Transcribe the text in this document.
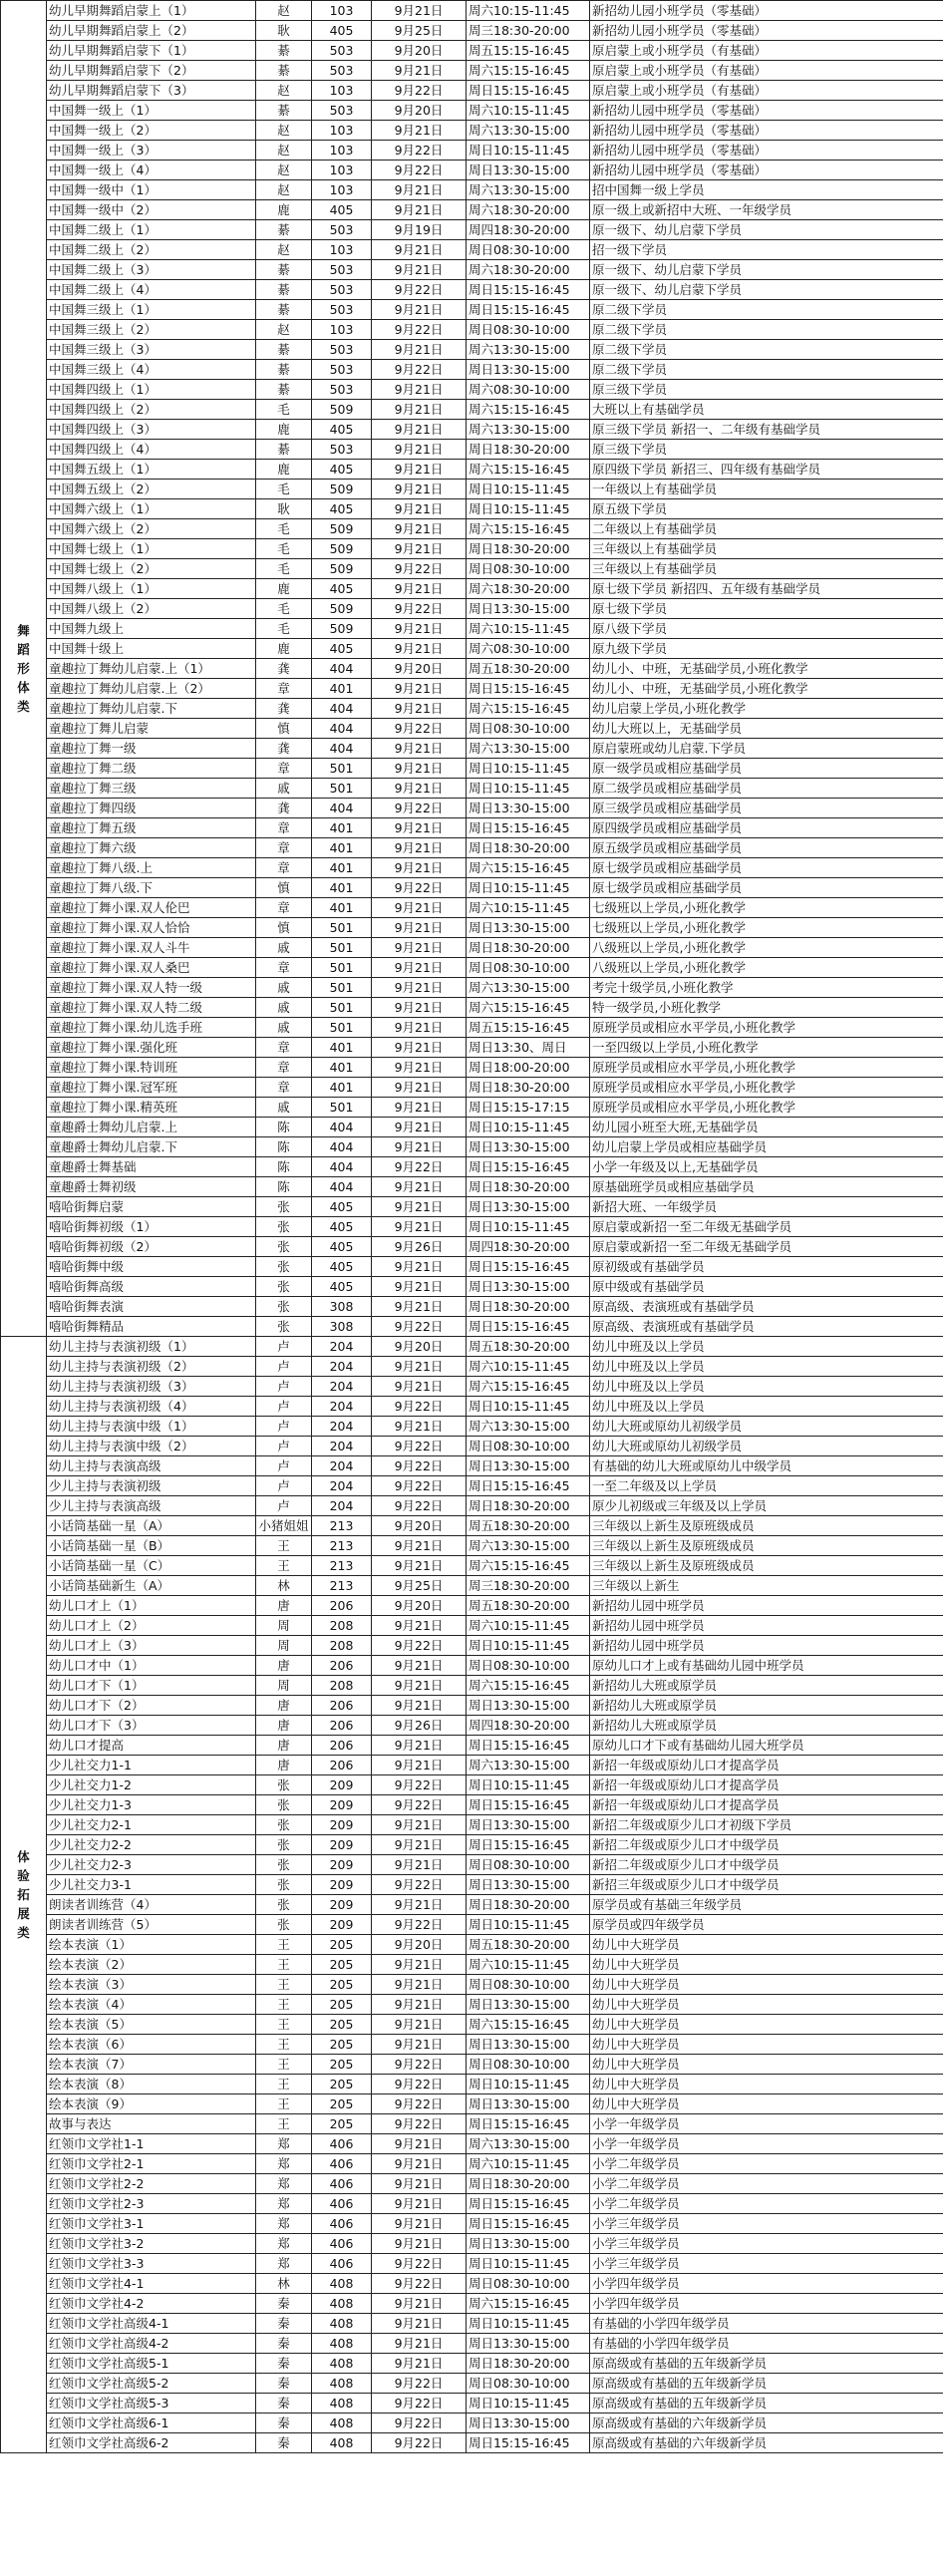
舞
蹈
形
体
类	幼儿早期舞蹈启蒙上（1）	赵	103	9月21日	周六10:15-11:45	新招幼儿园小班学员（零基础）
	幼儿早期舞蹈启蒙上（2）	耿	405	9月25日	周三18:30-20:00	新招幼儿园小班学员（零基础）
	幼儿早期舞蹈启蒙下（1）	綦	503	9月20日	周五15:15-16:45	原启蒙上或小班学员（有基础）
	幼儿早期舞蹈启蒙下（2）	綦	503	9月21日	周六15:15-16:45	原启蒙上或小班学员（有基础）
	幼儿早期舞蹈启蒙下（3）	赵	103	9月22日	周日15:15-16:45	原启蒙上或小班学员（有基础）
	中国舞一级上（1）	綦	503	9月20日	周六10:15-11:45	新招幼儿园中班学员（零基础）
	中国舞一级上（2）	赵	103	9月21日	周六13:30-15:00	新招幼儿园中班学员（零基础）
	中国舞一级上（3）	赵	103	9月22日	周日10:15-11:45	新招幼儿园中班学员（零基础）
	中国舞一级上（4）	赵	103	9月22日	周日13:30-15:00	新招幼儿园中班学员（零基础）
	中国舞一级中（1）	赵	103	9月21日	周六13:30-15:00	招中国舞一级上学员
	中国舞一级中（2）	鹿	405	9月21日	周六18:30-20:00	原一级上或新招中大班、一年级学员
	中国舞二级上（1）	綦	503	9月19日	周四18:30-20:00	原一级下、幼儿启蒙下学员
	中国舞二级上（2）	赵	103	9月21日	周日08:30-10:00	招一级下学员
	中国舞二级上（3）	綦	503	9月21日	周六18:30-20:00	原一级下、幼儿启蒙下学员
	中国舞二级上（4）	綦	503	9月22日	周日15:15-16:45	原一级下、幼儿启蒙下学员
	中国舞三级上（1）	綦	503	9月21日	周日15:15-16:45	原二级下学员
	中国舞三级上（2）	赵	103	9月22日	周日08:30-10:00	原二级下学员
	中国舞三级上（3）	綦	503	9月21日	周六13:30-15:00	原二级下学员
	中国舞三级上（4）	綦	503	9月22日	周日13:30-15:00	原二级下学员
	中国舞四级上（1）	綦	503	9月21日	周六08:30-10:00	原三级下学员
	中国舞四级上（2）	毛	509	9月21日	周六15:15-16:45	大班以上有基础学员
	中国舞四级上（3）	鹿	405	9月21日	周六13:30-15:00	原三级下学员 新招一、二年级有基础学员
	中国舞四级上（4）	綦	503	9月21日	周日18:30-20:00	原三级下学员
	中国舞五级上（1）	鹿	405	9月21日	周六15:15-16:45	原四级下学员 新招三、四年级有基础学员
	中国舞五级上（2）	毛	509	9月21日	周日10:15-11:45	一年级以上有基础学员
	中国舞六级上（1）	耿	405	9月21日	周日10:15-11:45	原五级下学员
	中国舞六级上（2）	毛	509	9月21日	周六15:15-16:45	二年级以上有基础学员
	中国舞七级上（1）	毛	509	9月21日	周日18:30-20:00	三年级以上有基础学员
	中国舞七级上（2）	毛	509	9月22日	周日08:30-10:00	三年级以上有基础学员
	中国舞八级上（1）	鹿	405	9月21日	周六18:30-20:00	原七级下学员 新招四、五年级有基础学员
	中国舞八级上（2）	毛	509	9月22日	周日13:30-15:00	原七级下学员
	中国舞九级上	毛	509	9月21日	周六10:15-11:45	原八级下学员
	中国舞十级上	鹿	405	9月21日	周六08:30-10:00	原九级下学员
	童趣拉丁舞幼儿启蒙.上（1）	龚	404	9月20日	周五18:30-20:00	幼儿小、中班，无基础学员,小班化教学
	童趣拉丁舞幼儿启蒙.上（2）	章	401	9月21日	周日15:15-16:45	幼儿小、中班，无基础学员,小班化教学
	童趣拉丁舞幼儿启蒙.下	龚	404	9月21日	周六15:15-16:45	幼儿启蒙上学员,小班化教学
	童趣拉丁舞儿启蒙	慎	404	9月22日	周日08:30-10:00	幼儿大班以上，无基础学员
	童趣拉丁舞一级	龚	404	9月21日	周六13:30-15:00	原启蒙班或幼儿启蒙.下学员
	童趣拉丁舞二级	章	501	9月21日	周日10:15-11:45	原一级学员或相应基础学员
	童趣拉丁舞三级	戚	501	9月21日	周日10:15-11:45	原二级学员或相应基础学员
	童趣拉丁舞四级	龚	404	9月22日	周日13:30-15:00	原三级学员或相应基础学员
	童趣拉丁舞五级	章	401	9月21日	周日15:15-16:45	原四级学员或相应基础学员
	童趣拉丁舞六级	章	401	9月21日	周日18:30-20:00	原五级学员或相应基础学员
	童趣拉丁舞八级.上	章	401	9月21日	周六15:15-16:45	原七级学员或相应基础学员
	童趣拉丁舞八级.下	慎	401	9月22日	周日10:15-11:45	原七级学员或相应基础学员
	童趣拉丁舞小课.双人伦巴	章	401	9月21日	周六10:15-11:45	七级班以上学员,小班化教学
	童趣拉丁舞小课.双人恰恰	慎	501	9月21日	周日13:30-15:00	七级班以上学员,小班化教学
	童趣拉丁舞小课.双人斗牛	戚	501	9月21日	周日18:30-20:00	八级班以上学员,小班化教学
	童趣拉丁舞小课.双人桑巴	章	501	9月21日	周日08:30-10:00	八级班以上学员,小班化教学
	童趣拉丁舞小课.双人特一级	戚	501	9月21日	周六13:30-15:00	考完十级学员,小班化教学
	童趣拉丁舞小课.双人特二级	戚	501	9月21日	周六15:15-16:45	特一级学员,小班化教学
	童趣拉丁舞小课.幼儿选手班	戚	501	9月21日	周五15:15-16:45	原班学员或相应水平学员,小班化教学
	童趣拉丁舞小课.强化班	章	401	9月21日	周日13:30、周日	一至四级以上学员,小班化教学
	童趣拉丁舞小课.特训班	章	401	9月21日	周日18:00-20:00	原班学员或相应水平学员,小班化教学
	童趣拉丁舞小课.冠军班	章	401	9月21日	周日18:30-20:00	原班学员或相应水平学员,小班化教学
	童趣拉丁舞小课.精英班	戚	501	9月21日	周日15:15-17:15	原班学员或相应水平学员,小班化教学
	童趣爵士舞幼儿启蒙.上	陈	404	9月21日	周日10:15-11:45	幼儿园小班至大班,无基础学员
	童趣爵士舞幼儿启蒙.下	陈	404	9月21日	周日13:30-15:00	幼儿启蒙上学员或相应基础学员
	童趣爵士舞基础	陈	404	9月22日	周日15:15-16:45	小学一年级及以上,无基础学员
	童趣爵士舞初级	陈	404	9月21日	周日18:30-20:00	原基础班学员或相应基础学员
	嘻哈街舞启蒙	张	405	9月21日	周日13:30-15:00	新招大班、一年级学员
	嘻哈街舞初级（1）	张	405	9月21日	周日10:15-11:45	原启蒙或新招一至二年级无基础学员
	嘻哈街舞初级（2）	张	405	9月26日	周四18:30-20:00	原启蒙或新招一至二年级无基础学员
	嘻哈街舞中级	张	405	9月21日	周日15:15-16:45	原初级或有基础学员
	嘻哈街舞高级	张	405	9月21日	周日13:30-15:00	原中级或有基础学员
	嘻哈街舞表演	张	308	9月21日	周日18:30-20:00	原高级、表演班或有基础学员
	嘻哈街舞精品	张	308	9月22日	周日15:15-16:45	原高级、表演班或有基础学员

体
验
拓
展
类	幼儿主持与表演初级（1）	卢	204	9月20日	周五18:30-20:00	幼儿中班及以上学员
	幼儿主持与表演初级（2）	卢	204	9月21日	周六10:15-11:45	幼儿中班及以上学员
	幼儿主持与表演初级（3）	卢	204	9月21日	周六15:15-16:45	幼儿中班及以上学员
	幼儿主持与表演初级（4）	卢	204	9月22日	周日10:15-11:45	幼儿中班及以上学员
	幼儿主持与表演中级（1）	卢	204	9月21日	周六13:30-15:00	幼儿大班或原幼儿初级学员
	幼儿主持与表演中级（2）	卢	204	9月22日	周日08:30-10:00	幼儿大班或原幼儿初级学员
	幼儿主持与表演高级	卢	204	9月22日	周日13:30-15:00	有基础的幼儿大班或原幼儿中级学员
	少儿主持与表演初级	卢	204	9月22日	周日15:15-16:45	一至二年级及以上学员
	少儿主持与表演高级	卢	204	9月22日	周日18:30-20:00	原少儿初级或三年级及以上学员
	小话筒基础一星（A）	小猪姐姐	213	9月20日	周五18:30-20:00	三年级以上新生及原班级成员
	小话筒基础一星（B）	王	213	9月21日	周六13:30-15:00	三年级以上新生及原班级成员
	小话筒基础一星（C）	王	213	9月21日	周六15:15-16:45	三年级以上新生及原班级成员
	小话筒基础新生（A）	林	213	9月25日	周三18:30-20:00	三年级以上新生
	幼儿口才上（1）	唐	206	9月20日	周五18:30-20:00	新招幼儿园中班学员
	幼儿口才上（2）	周	208	9月21日	周六10:15-11:45	新招幼儿园中班学员
	幼儿口才上（3）	周	208	9月22日	周日10:15-11:45	新招幼儿园中班学员
	幼儿口才中（1）	唐	206	9月21日	周日08:30-10:00	原幼儿口才上或有基础幼儿园中班学员
	幼儿口才下（1）	周	208	9月21日	周六15:15-16:45	新招幼儿大班或原学员
	幼儿口才下（2）	唐	206	9月21日	周日13:30-15:00	新招幼儿大班或原学员
	幼儿口才下（3）	唐	206	9月26日	周四18:30-20:00	新招幼儿大班或原学员
	幼儿口才提高	唐	206	9月21日	周日15:15-16:45	原幼儿口才下或有基础幼儿园大班学员
	少儿社交力1-1	唐	206	9月21日	周六13:30-15:00	新招一年级或原幼儿口才提高学员
	少儿社交力1-2	张	209	9月22日	周日10:15-11:45	新招一年级或原幼儿口才提高学员
	少儿社交力1-3	张	209	9月22日	周日15:15-16:45	新招一年级或原幼儿口才提高学员
	少儿社交力2-1	张	209	9月21日	周日13:30-15:00	新招二年级或原少儿口才初级下学员
	少儿社交力2-2	张	209	9月21日	周日15:15-16:45	新招二年级或原少儿口才中级学员
	少儿社交力2-3	张	209	9月21日	周日08:30-10:00	新招二年级或原少儿口才中级学员
	少儿社交力3-1	张	209	9月22日	周日13:30-15:00	新招三年级或原少儿口才中级学员
	朗读者训练营（4）	张	209	9月21日	周日18:30-20:00	原学员或有基础三年级学员
	朗读者训练营（5）	张	209	9月22日	周日10:15-11:45	原学员或四年级学员
	绘本表演（1）	王	205	9月20日	周五18:30-20:00	幼儿中大班学员
	绘本表演（2）	王	205	9月21日	周六10:15-11:45	幼儿中大班学员
	绘本表演（3）	王	205	9月21日	周日08:30-10:00	幼儿中大班学员
	绘本表演（4）	王	205	9月21日	周日13:30-15:00	幼儿中大班学员
	绘本表演（5）	王	205	9月21日	周六15:15-16:45	幼儿中大班学员
	绘本表演（6）	王	205	9月21日	周日13:30-15:00	幼儿中大班学员
	绘本表演（7）	王	205	9月22日	周日08:30-10:00	幼儿中大班学员
	绘本表演（8）	王	205	9月22日	周日10:15-11:45	幼儿中大班学员
	绘本表演（9）	王	205	9月22日	周日13:30-15:00	幼儿中大班学员
	故事与表达	王	205	9月22日	周日15:15-16:45	小学一年级学员
	红领巾文学社1-1	郑	406	9月21日	周六13:30-15:00	小学一年级学员
	红领巾文学社2-1	郑	406	9月21日	周六10:15-11:45	小学二年级学员
	红领巾文学社2-2	郑	406	9月21日	周日18:30-20:00	小学二年级学员
	红领巾文学社2-3	郑	406	9月21日	周日15:15-16:45	小学二年级学员
	红领巾文学社3-1	郑	406	9月21日	周日15:15-16:45	小学三年级学员
	红领巾文学社3-2	郑	406	9月21日	周日13:30-15:00	小学三年级学员
	红领巾文学社3-3	郑	406	9月22日	周日10:15-11:45	小学三年级学员
	红领巾文学社4-1	林	408	9月22日	周日08:30-10:00	小学四年级学员
	红领巾文学社4-2	秦	408	9月21日	周六15:15-16:45	小学四年级学员
	红领巾文学社高级4-1	秦	408	9月21日	周日10:15-11:45	有基础的小学四年级学员
	红领巾文学社高级4-2	秦	408	9月21日	周日13:30-15:00	有基础的小学四年级学员
	红领巾文学社高级5-1	秦	408	9月21日	周日18:30-20:00	原高级或有基础的五年级新学员
	红领巾文学社高级5-2	秦	408	9月22日	周日08:30-10:00	原高级或有基础的五年级新学员
	红领巾文学社高级5-3	秦	408	9月22日	周日10:15-11:45	原高级或有基础的五年级新学员
	红领巾文学社高级6-1	秦	408	9月22日	周日13:30-15:00	原高级或有基础的六年级新学员
	红领巾文学社高级6-2	秦	408	9月22日	周日15:15-16:45	原高级或有基础的六年级新学员
